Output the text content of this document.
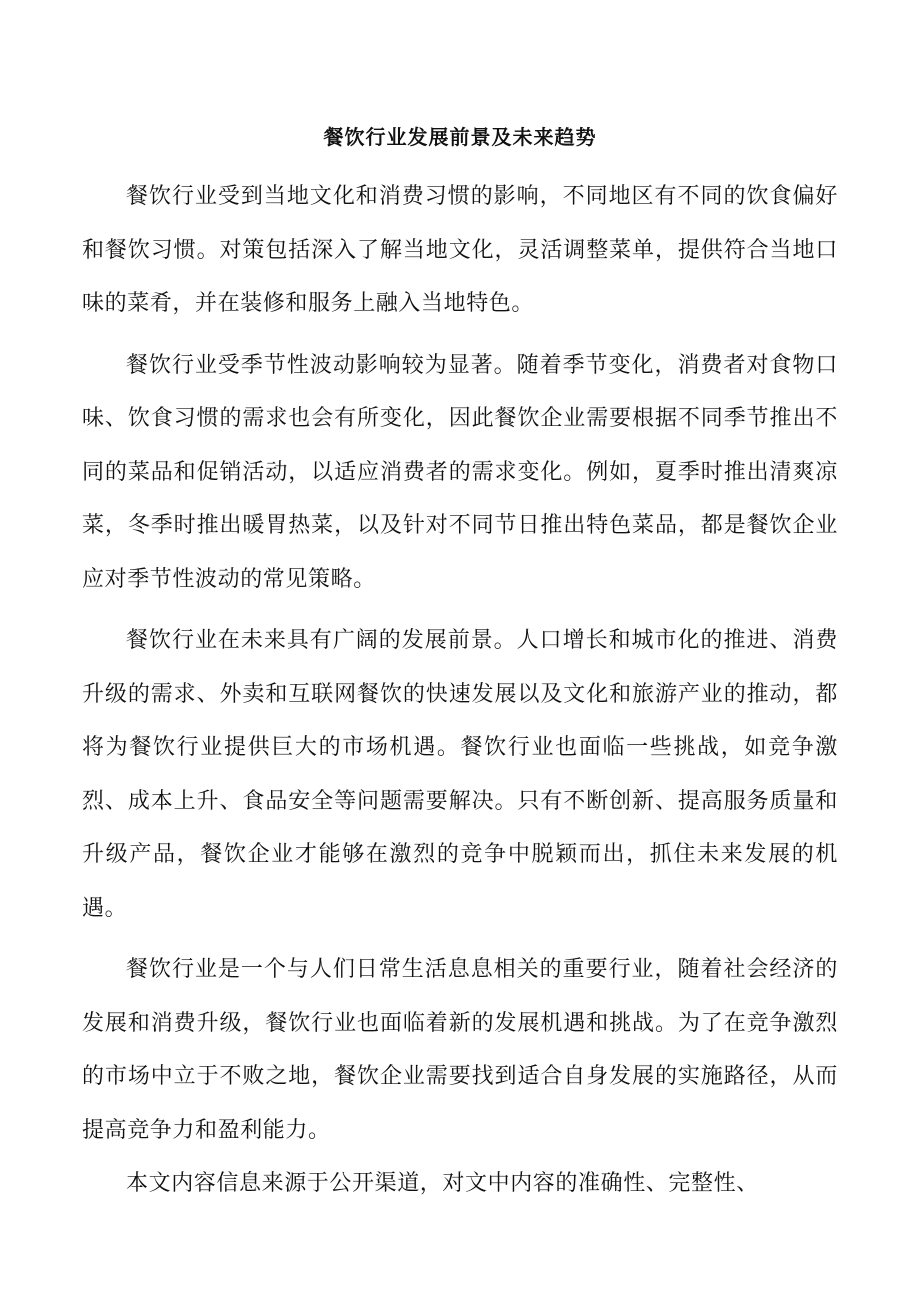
餐饮行业发展前景及未来趋势

餐饮行业受到当地文化和消费习惯的影响，不同地区有不同的饮食偏好和餐饮习惯。对策包括深入了解当地文化，灵活调整菜单，提供符合当地口味的菜肴，并在装修和服务上融入当地特色。

餐饮行业受季节性波动影响较为显著。随着季节变化，消费者对食物口味、饮食习惯的需求也会有所变化，因此餐饮企业需要根据不同季节推出不同的菜品和促销活动，以适应消费者的需求变化。例如，夏季时推出清爽凉菜，冬季时推出暖胃热菜，以及针对不同节日推出特色菜品，都是餐饮企业应对季节性波动的常见策略。

餐饮行业在未来具有广阔的发展前景。人口增长和城市化的推进、消费升级的需求、外卖和互联网餐饮的快速发展以及文化和旅游产业的推动，都将为餐饮行业提供巨大的市场机遇。餐饮行业也面临一些挑战，如竞争激烈、成本上升、食品安全等问题需要解决。只有不断创新、提高服务质量和升级产品，餐饮企业才能够在激烈的竞争中脱颖而出，抓住未来发展的机遇。

餐饮行业是一个与人们日常生活息息相关的重要行业，随着社会经济的发展和消费升级，餐饮行业也面临着新的发展机遇和挑战。为了在竞争激烈的市场中立于不败之地，餐饮企业需要找到适合自身发展的实施路径，从而提高竞争力和盈利能力。

本文内容信息来源于公开渠道，对文中内容的准确性、完整性、
